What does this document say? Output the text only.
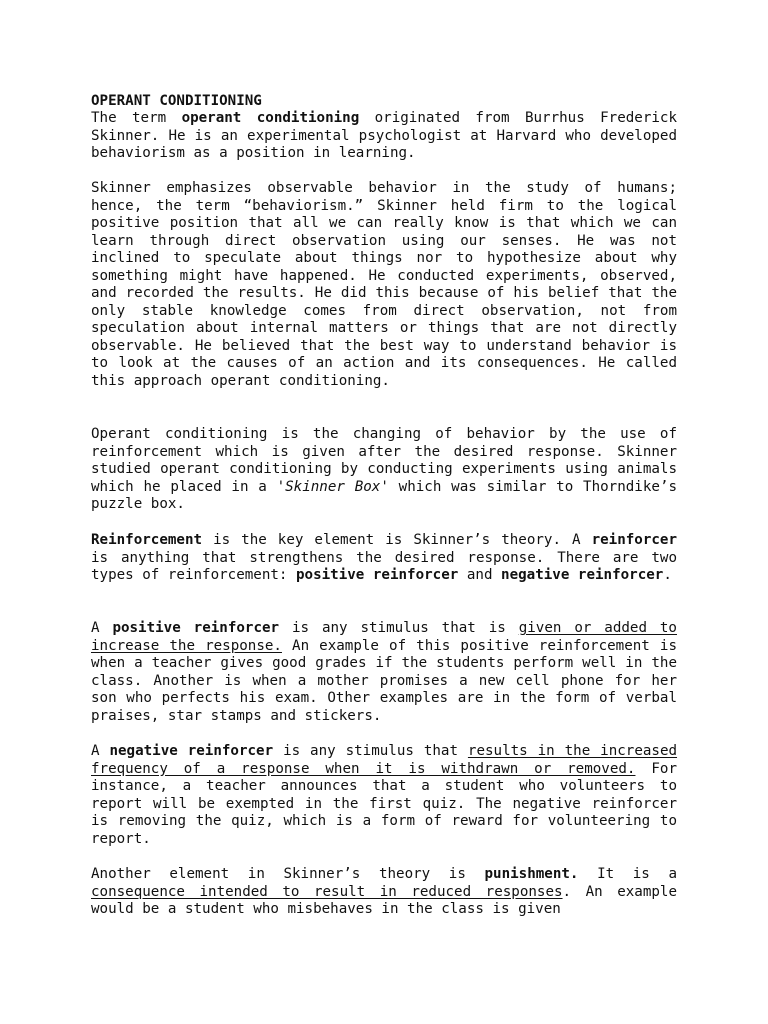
OPERANT CONDITIONING

The term operant conditioning originated from Burrhus Frederick Skinner. He is an experimental psychologist at Harvard who developed behaviorism as a position in learning.

Skinner emphasizes observable behavior in the study of humans; hence, the term “behaviorism.” Skinner held firm to the logical positive position that all we can really know is that which we can learn through direct observation using our senses. He was not inclined to speculate about things nor to hypothesize about why something might have happened. He conducted experiments, observed, and recorded the results. He did this because of his belief that the only stable knowledge comes from direct observation, not from speculation about internal matters or things that are not directly observable. He believed that the best way to understand behavior is to look at the causes of an action and its consequences. He called this approach operant conditioning.

Operant conditioning is the changing of behavior by the use of reinforcement which is given after the desired response. Skinner studied operant conditioning by conducting experiments using animals which he placed in a 'Skinner Box' which was similar to Thorndike’s puzzle box.

Reinforcement is the key element is Skinner’s theory. A reinforcer is anything that strengthens the desired response. There are two types of reinforcement: positive reinforcer and negative reinforcer.

A positive reinforcer is any stimulus that is given or added to increase the response. An example of this positive reinforcement is when a teacher gives good grades if the students perform well in the class. Another is when a mother promises a new cell phone for her son who perfects his exam. Other examples are in the form of verbal praises, star stamps and stickers.

A negative reinforcer is any stimulus that results in the increased frequency of a response when it is withdrawn or removed. For instance, a teacher announces that a student who volunteers to report will be exempted in the first quiz. The negative reinforcer is removing the quiz, which is a form of reward for volunteering to report.

Another element in Skinner’s theory is punishment. It is a consequence intended to result in reduced responses. An example would be a student who misbehaves in the class is given
